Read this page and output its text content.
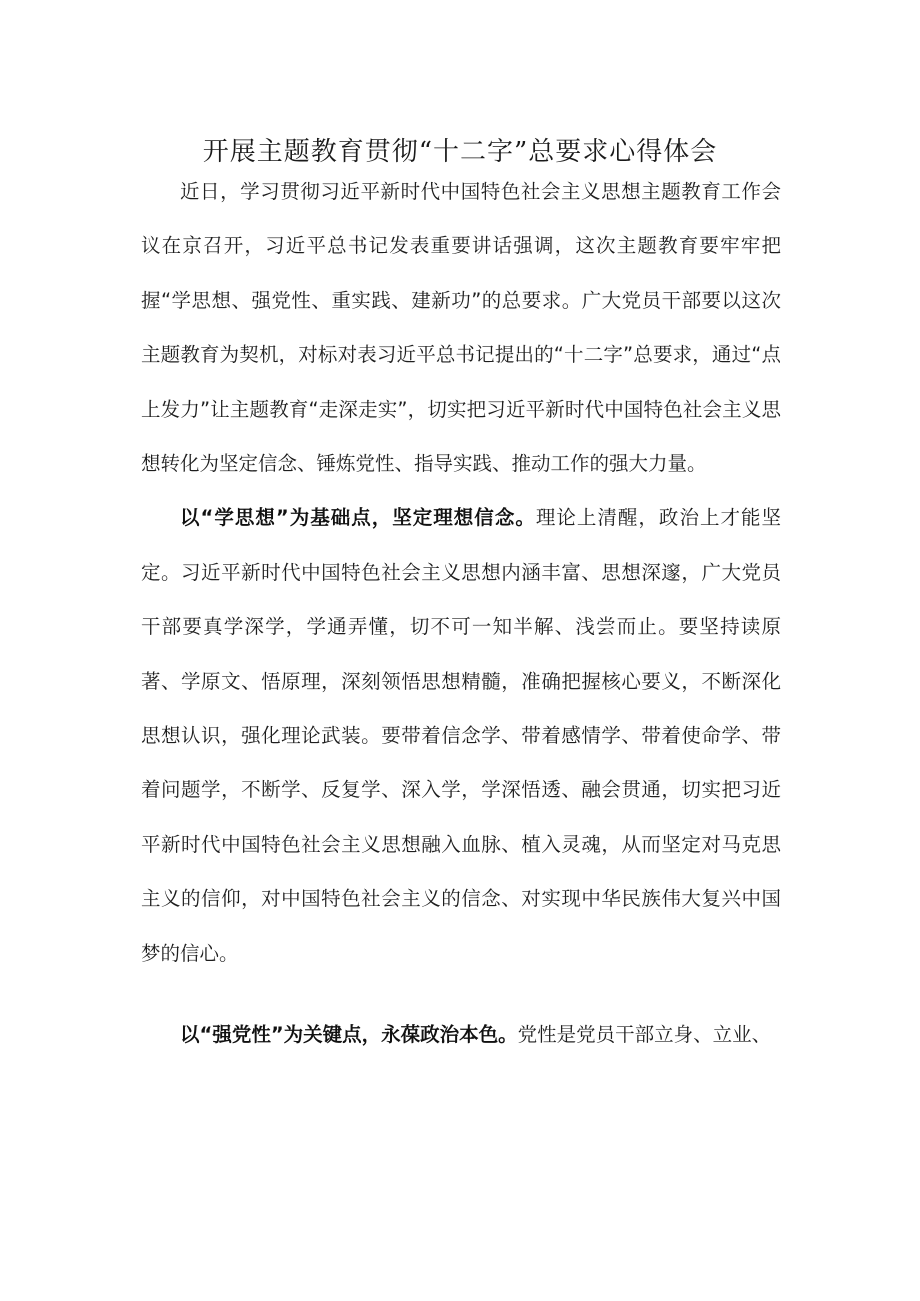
开展主题教育贯彻“十二字”总要求心得体会

近日，学习贯彻习近平新时代中国特色社会主义思想主题教育工作会议在京召开，习近平总书记发表重要讲话强调，这次主题教育要牢牢把握“学思想、强党性、重实践、建新功”的总要求。广大党员干部要以这次主题教育为契机，对标对表习近平总书记提出的“十二字”总要求，通过“点上发力”让主题教育“走深走实”，切实把习近平新时代中国特色社会主义思想转化为坚定信念、锤炼党性、指导实践、推动工作的强大力量。

以“学思想”为基础点，坚定理想信念。理论上清醒，政治上才能坚定。习近平新时代中国特色社会主义思想内涵丰富、思想深邃，广大党员干部要真学深学，学通弄懂，切不可一知半解、浅尝而止。要坚持读原著、学原文、悟原理，深刻领悟思想精髓，准确把握核心要义，不断深化思想认识，强化理论武装。要带着信念学、带着感情学、带着使命学、带着问题学，不断学、反复学、深入学，学深悟透、融会贯通，切实把习近平新时代中国特色社会主义思想融入血脉、植入灵魂，从而坚定对马克思主义的信仰，对中国特色社会主义的信念、对实现中华民族伟大复兴中国梦的信心。

以“强党性”为关键点，永葆政治本色。党性是党员干部立身、立业、
